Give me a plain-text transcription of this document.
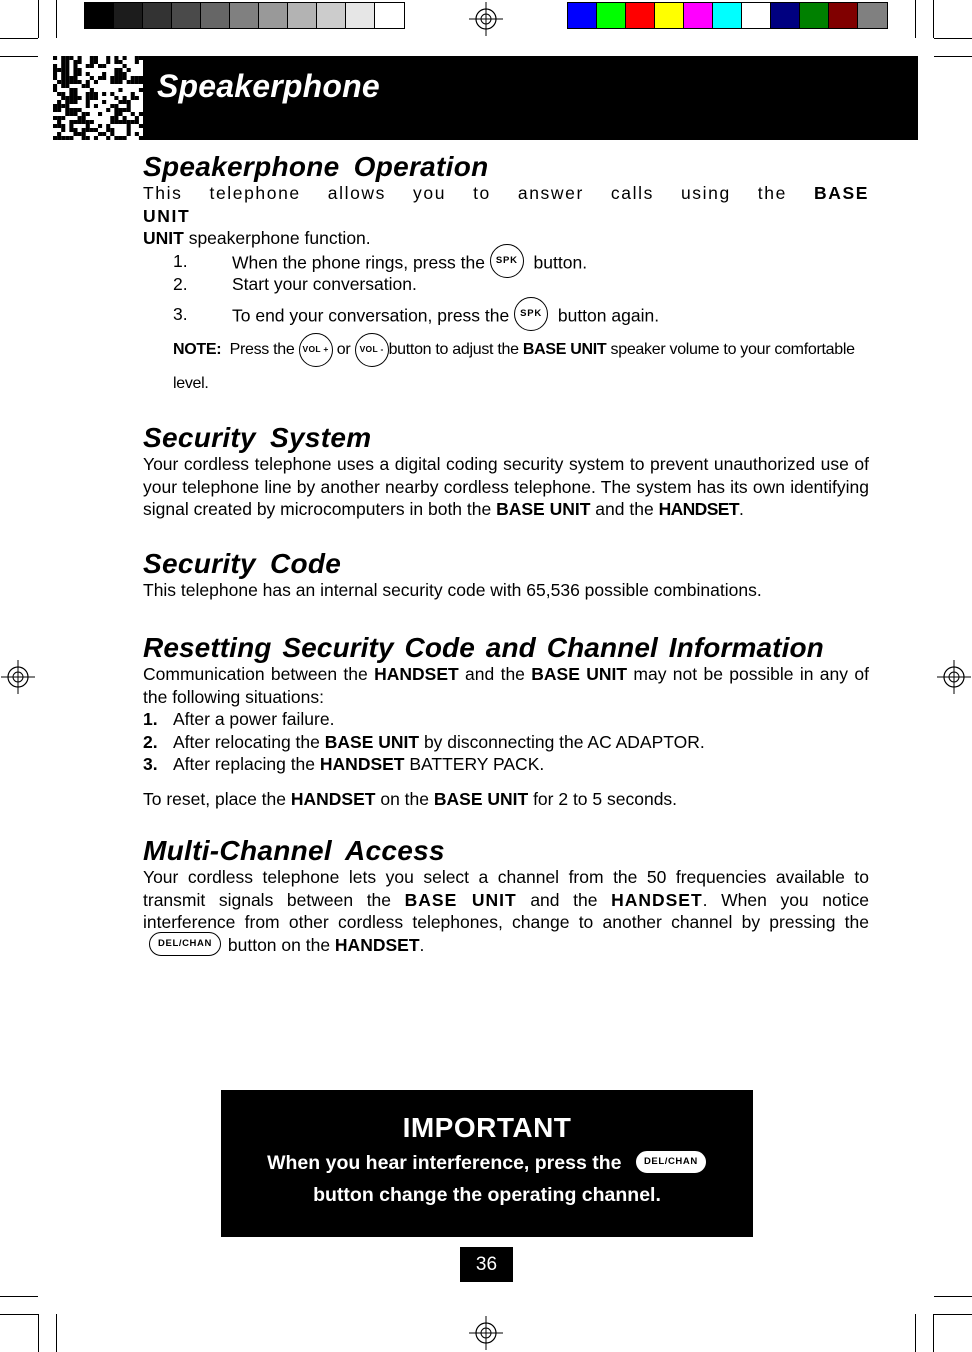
Speakerphone
Speakerphone Operation

This telephone allows you to answer calls using the BASE UNIT

UNIT speakerphone function.

1.	When the phone rings, press the SPK button.
2.	Start your conversation.
3.	To end your conversation, press the SPK button again.
NOTE: Press the VOL + or VOL - button to adjust the BASE UNIT speaker volume to your comfortable
level.
Security System

Your cordless telephone uses a digital coding security system to prevent unauthorized use of your telephone line by another nearby cordless telephone. The system has its own identifying signal created by microcomputers in both the BASE UNIT and the HANDSET.

Security Code

This telephone has an internal security code with 65,536 possible combinations.

Resetting Security Code and Channel Information

Communication between the HANDSET and the BASE UNIT may not be possible in any of the following situations:

1. After a power failure.
2. After relocating the BASE UNIT by disconnecting the AC ADAPTOR.
3. After replacing the HANDSET BATTERY PACK.

To reset, place the HANDSET on the BASE UNIT for 2 to 5 seconds.

Multi-Channel Access

Your cordless telephone lets you select a channel from the 50 frequencies available to transmit signals between the BASE UNIT and the HANDSET. When you notice interference from other cordless telephones, change to another channel by pressing the DEL/CHAN button on the HANDSET.

IMPORTANT
When you hear interference, press the DEL/CHAN
button change the operating channel.
36
